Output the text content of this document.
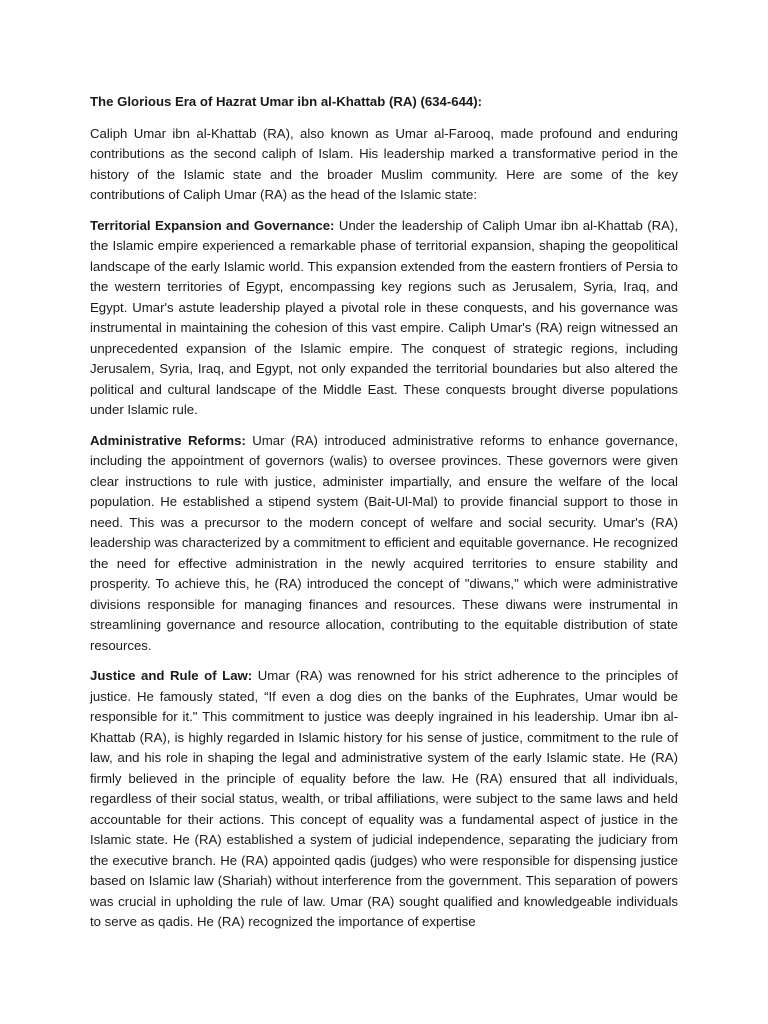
The Glorious Era of Hazrat Umar ibn al-Khattab (RA) (634-644):

Caliph Umar ibn al-Khattab (RA), also known as Umar al-Farooq, made profound and enduring contributions as the second caliph of Islam. His leadership marked a transformative period in the history of the Islamic state and the broader Muslim community. Here are some of the key contributions of Caliph Umar (RA) as the head of the Islamic state:

Territorial Expansion and Governance: Under the leadership of Caliph Umar ibn al-Khattab (RA), the Islamic empire experienced a remarkable phase of territorial expansion, shaping the geopolitical landscape of the early Islamic world. This expansion extended from the eastern frontiers of Persia to the western territories of Egypt, encompassing key regions such as Jerusalem, Syria, Iraq, and Egypt. Umar's astute leadership played a pivotal role in these conquests, and his governance was instrumental in maintaining the cohesion of this vast empire. Caliph Umar's (RA) reign witnessed an unprecedented expansion of the Islamic empire. The conquest of strategic regions, including Jerusalem, Syria, Iraq, and Egypt, not only expanded the territorial boundaries but also altered the political and cultural landscape of the Middle East. These conquests brought diverse populations under Islamic rule.

Administrative Reforms: Umar (RA) introduced administrative reforms to enhance governance, including the appointment of governors (walis) to oversee provinces. These governors were given clear instructions to rule with justice, administer impartially, and ensure the welfare of the local population. He established a stipend system (Bait-Ul-Mal) to provide financial support to those in need. This was a precursor to the modern concept of welfare and social security. Umar's (RA) leadership was characterized by a commitment to efficient and equitable governance. He recognized the need for effective administration in the newly acquired territories to ensure stability and prosperity. To achieve this, he (RA) introduced the concept of "diwans," which were administrative divisions responsible for managing finances and resources. These diwans were instrumental in streamlining governance and resource allocation, contributing to the equitable distribution of state resources.

Justice and Rule of Law: Umar (RA) was renowned for his strict adherence to the principles of justice. He famously stated, “If even a dog dies on the banks of the Euphrates, Umar would be responsible for it." This commitment to justice was deeply ingrained in his leadership. Umar ibn al-Khattab (RA), is highly regarded in Islamic history for his sense of justice, commitment to the rule of law, and his role in shaping the legal and administrative system of the early Islamic state. He (RA) firmly believed in the principle of equality before the law. He (RA) ensured that all individuals, regardless of their social status, wealth, or tribal affiliations, were subject to the same laws and held accountable for their actions. This concept of equality was a fundamental aspect of justice in the Islamic state. He (RA) established a system of judicial independence, separating the judiciary from the executive branch. He (RA) appointed qadis (judges) who were responsible for dispensing justice based on Islamic law (Shariah) without interference from the government. This separation of powers was crucial in upholding the rule of law. Umar (RA) sought qualified and knowledgeable individuals to serve as qadis. He (RA) recognized the importance of expertise
